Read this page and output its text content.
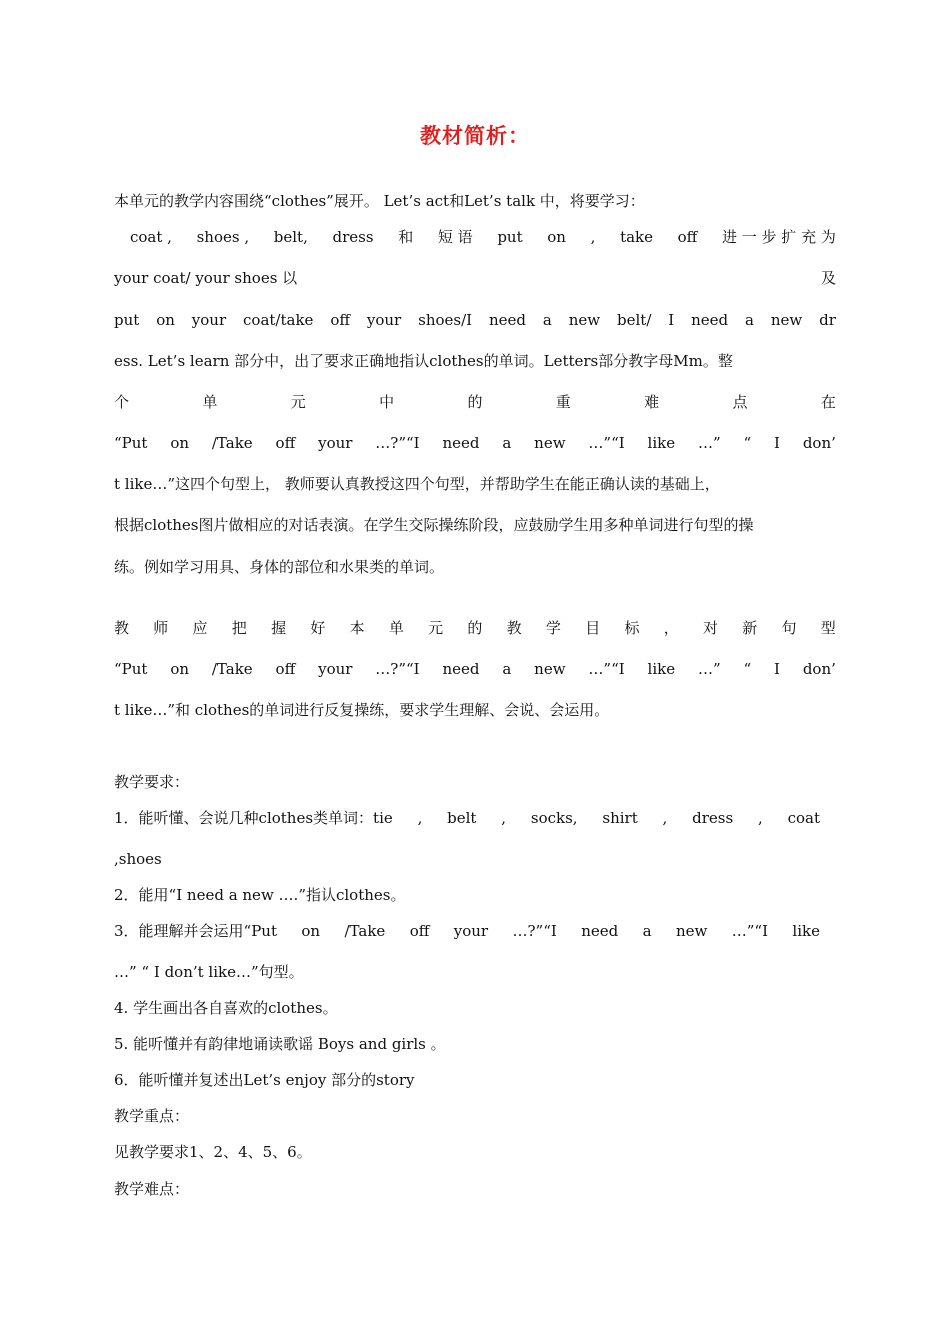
教材简析：
本单元的教学内容围绕“clothes”展开。 Let’s act和Let’s talk 中，将要学习：
coat , shoes , belt, dress 和 短 语 put on , take off 进 一 步 扩 充 为
your coat/ your shoes 以	及
put on your coat/take off your shoes/I need a new belt/ I need a new dr
ess. Let’s learn 部分中，出了要求正确地指认clothes的单词。Letters部分教字母Mm。整
个	单	元	中	的	重	难	点	在
“Put on /Take off your …?”“I need a new …”“I like …” “ I don’
t like…”这四个句型上， 教师要认真教授这四个句型，并帮助学生在能正确认读的基础上，
根据clothes图片做相应的对话表演。在学生交际操练阶段，应鼓励学生用多种单词进行句型的操
练。例如学习用具、身体的部位和水果类的单词。
教 师 应 把 握 好 本 单 元 的 教 学 目 标 ， 对 新 句 型
“Put on /Take off your …?”“I need a new …”“I like …” “ I don’
t like…”和 clothes的单词进行反复操练，要求学生理解、会说、会运用。
教学要求：
1．能听懂、会说几种clothes类单词：tie , belt , socks, shirt , dress , coat
,shoes
2．能用“I need a new ….”指认clothes。
3．能理解并会运用“Put on /Take off your …?”“I need a new …”“I like
…” “ I don’t like…”句型。
4. 学生画出各自喜欢的clothes。
5. 能听懂并有韵律地诵读歌谣 Boys and girls 。
6．能听懂并复述出Let’s enjoy 部分的story
教学重点：
见教学要求1、2、4、5、6。
教学难点：
